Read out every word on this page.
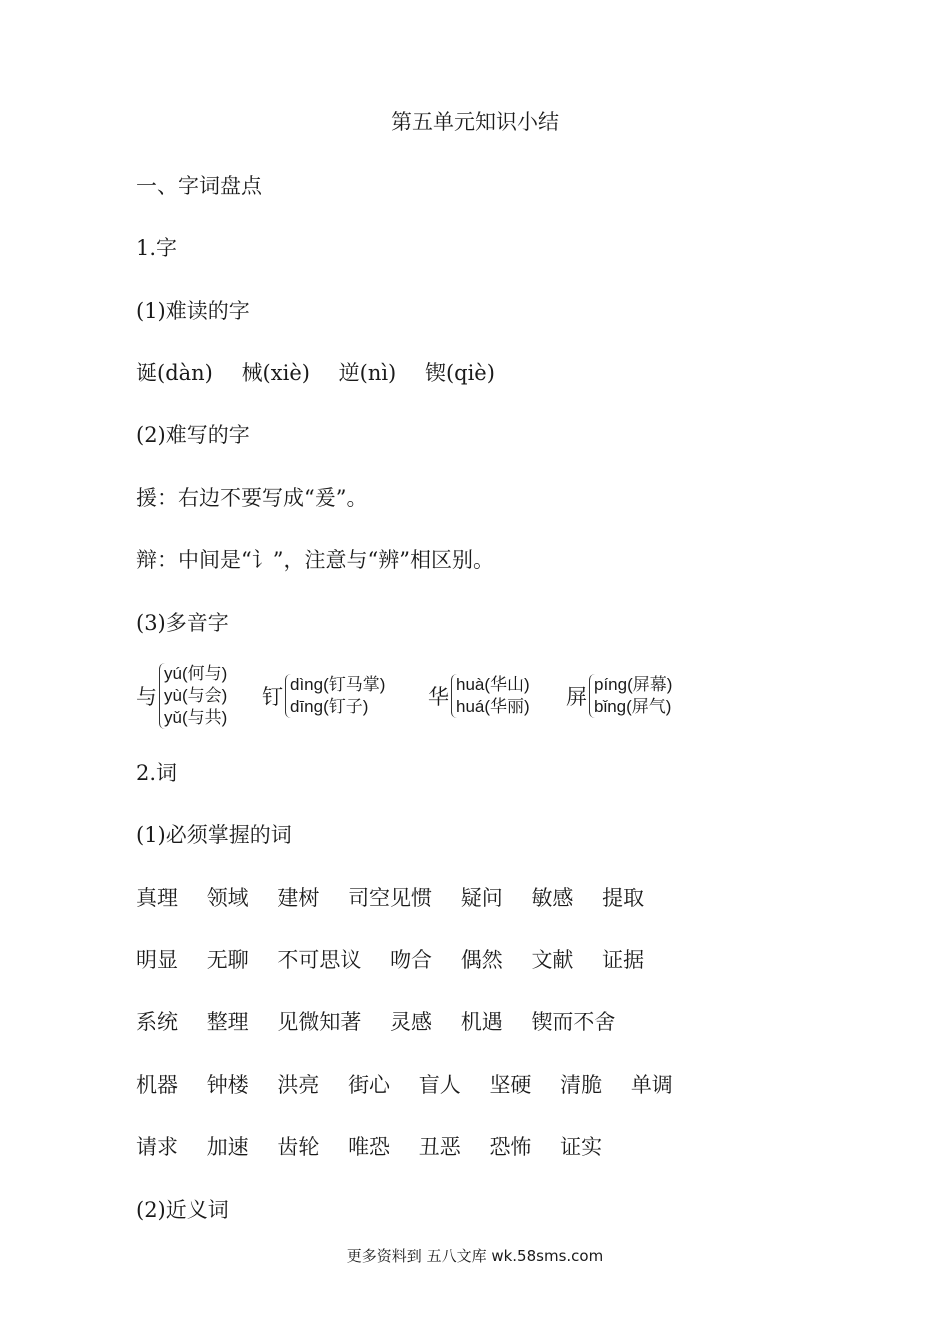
第五单元知识小结
一、字词盘点
1.字
(1)难读的字
诞(dàn) 械(xiè) 逆(nì) 锲(qiè)
(2)难写的字
援：右边不要写成“爰”。
辩：中间是“讠”，注意与“辨”相区别。
(3)多音字
与
yú(何与)
yù(与会)
yǔ(与共)
钉
dìng(钉马掌)
dīng(钉子)	华
huà(华山)
huá(华丽) 屏
píng(屏幕)
bǐng(屏气)
2.词
(1)必须掌握的词
真理 领域 建树 司空见惯 疑问 敏感 提取
明显 无聊 不可思议 吻合 偶然 文献 证据
系统 整理 见微知著 灵感 机遇 锲而不舍
机器 钟楼 洪亮 街心 盲人 坚硬 清脆 单调
请求 加速 齿轮 唯恐 丑恶 恐怖 证实
(2)近义词
更多资料到 五八文库 wk.58sms.com
